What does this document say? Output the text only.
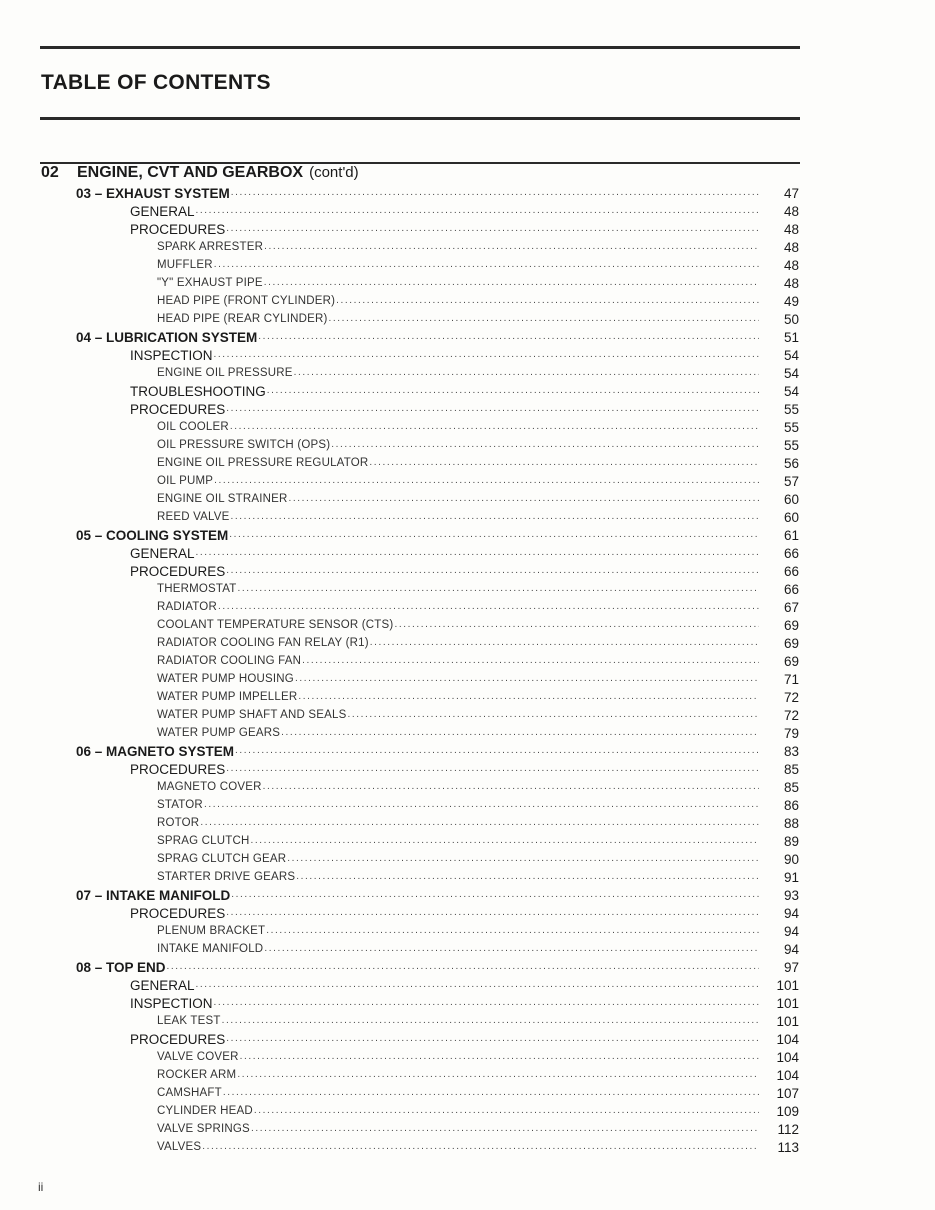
TABLE OF CONTENTS
02	ENGINE, CVT AND GEARBOX (cont'd)
03 – EXHAUST SYSTEM .....	47
GENERAL .....	48
PROCEDURES .....	48
SPARK ARRESTER .....	48
MUFFLER .....	48
"Y" EXHAUST PIPE .....	48
HEAD PIPE (FRONT CYLINDER) .....	49
HEAD PIPE (REAR CYLINDER) .....	50
04 – LUBRICATION SYSTEM .....	51
INSPECTION .....	54
ENGINE OIL PRESSURE .....	54
TROUBLESHOOTING .....	54
PROCEDURES .....	55
OIL COOLER .....	55
OIL PRESSURE SWITCH (OPS) .....	55
ENGINE OIL PRESSURE REGULATOR .....	56
OIL PUMP .....	57
ENGINE OIL STRAINER .....	60
REED VALVE .....	60
05 – COOLING SYSTEM .....	61
GENERAL .....	66
PROCEDURES .....	66
THERMOSTAT .....	66
RADIATOR .....	67
COOLANT TEMPERATURE SENSOR (CTS) .....	69
RADIATOR COOLING FAN RELAY (R1) .....	69
RADIATOR COOLING FAN .....	69
WATER PUMP HOUSING .....	71
WATER PUMP IMPELLER .....	72
WATER PUMP SHAFT AND SEALS .....	72
WATER PUMP GEARS .....	79
06 – MAGNETO SYSTEM .....	83
PROCEDURES .....	85
MAGNETO COVER .....	85
STATOR .....	86
ROTOR .....	88
SPRAG CLUTCH .....	89
SPRAG CLUTCH GEAR .....	90
STARTER DRIVE GEARS .....	91
07 – INTAKE MANIFOLD .....	93
PROCEDURES .....	94
PLENUM BRACKET .....	94
INTAKE MANIFOLD .....	94
08 – TOP END .....	97
GENERAL .....	101
INSPECTION .....	101
LEAK TEST .....	101
PROCEDURES .....	104
VALVE COVER .....	104
ROCKER ARM .....	104
CAMSHAFT .....	107
CYLINDER HEAD .....	109
VALVE SPRINGS .....	112
VALVES .....	113
ii
